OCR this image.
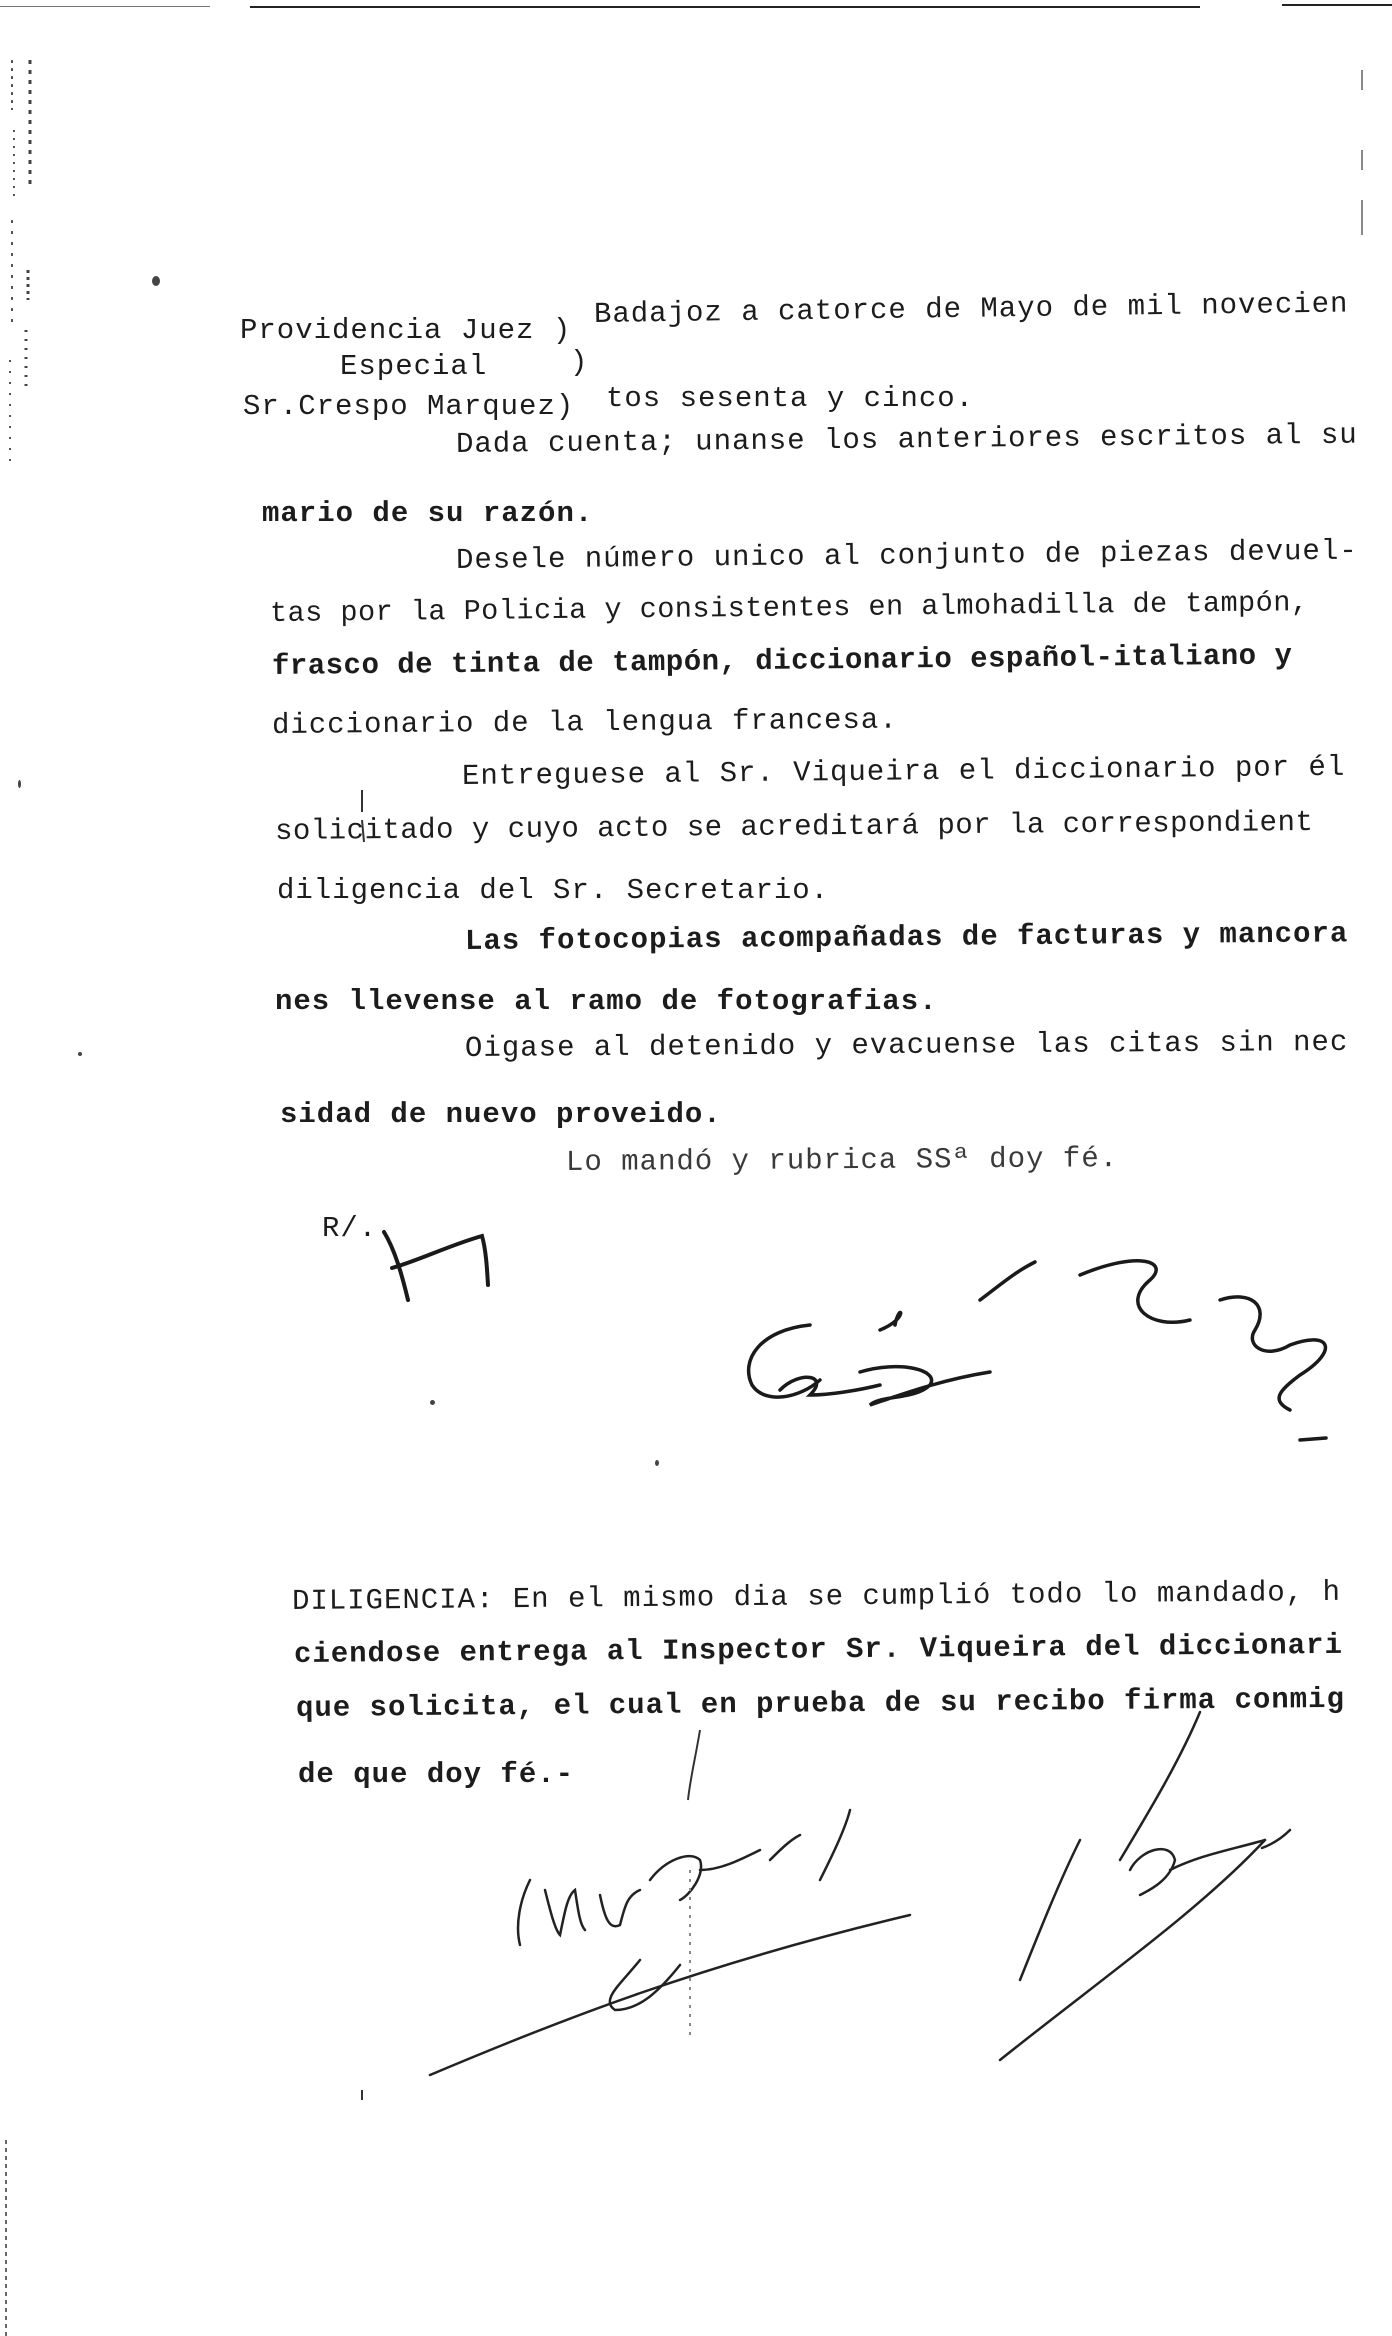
Providencia Juez )
Especial	)
Sr.Crespo Marquez)
Badajoz a catorce de Mayo de mil novecien
tos sesenta y cinco.
Dada cuenta; unanse los anteriores escritos al su
mario de su razón.
Desele número unico al conjunto de piezas devuel-
tas por la Policia y consistentes en almohadilla de tampón,
frasco de tinta de tampón, diccionario español-italiano y
diccionario de la lengua francesa.
Entreguese al Sr. Viqueira el diccionario por él
solicitado y cuyo acto se acreditará por la correspondient
diligencia del Sr. Secretario.
Las fotocopias acompañadas de facturas y mancora
nes llevense al ramo de fotografias.
Oigase al detenido y evacuense las citas sin nec
sidad de nuevo proveido.
Lo mandó y rubrica SSª doy fé.
R/.
DILIGENCIA: En el mismo dia se cumplió todo lo mandado, h
ciendose entrega al Inspector Sr. Viqueira del diccionari
que solicita, el cual en prueba de su recibo firma conmig
de que doy fé.-
